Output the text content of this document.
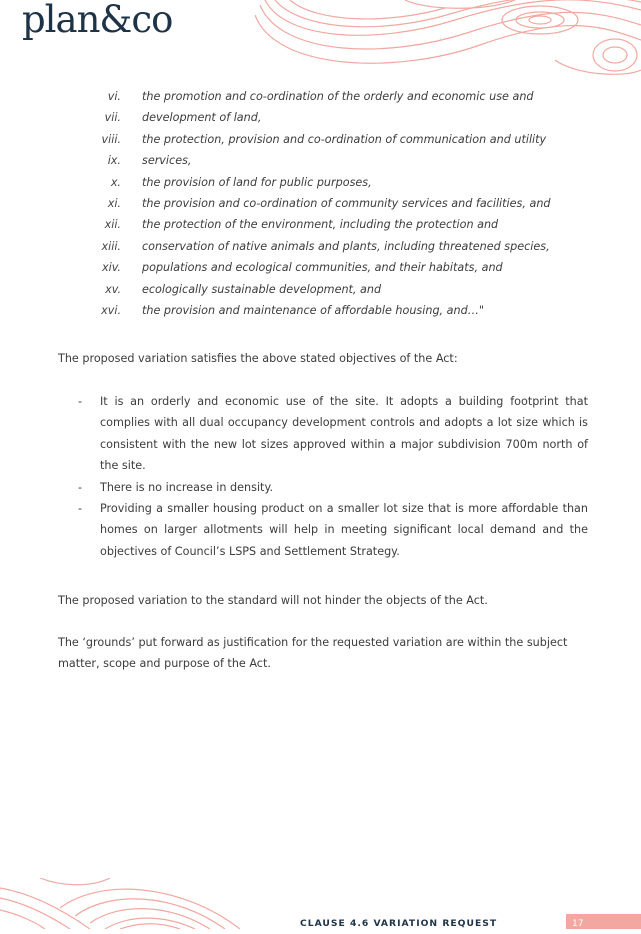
plan&co
vi. the promotion and co-ordination of the orderly and economic use and
vii. development of land,
viii. the protection, provision and co-ordination of communication and utility
ix. services,
x. the provision of land for public purposes,
xi. the provision and co-ordination of community services and facilities, and
xii. the protection of the environment, including the protection and
xiii. conservation of native animals and plants, including threatened species,
xiv. populations and ecological communities, and their habitats, and
xv. ecologically sustainable development, and
xvi. the provision and maintenance of affordable housing, and…"

The proposed variation satisfies the above stated objectives of the Act:

- It is an orderly and economic use of the site. It adopts a building footprint that complies with all dual occupancy development controls and adopts a lot size which is consistent with the new lot sizes approved within a major subdivision 700m north of the site.
- There is no increase in density.
- Providing a smaller housing product on a smaller lot size that is more affordable than homes on larger allotments will help in meeting significant local demand and the objectives of Council’s LSPS and Settlement Strategy.

The proposed variation to the standard will not hinder the objects of the Act.

The ‘grounds’ put forward as justification for the requested variation are within the subject matter, scope and purpose of the Act.

CLAUSE 4.6 VARIATION REQUEST	17
